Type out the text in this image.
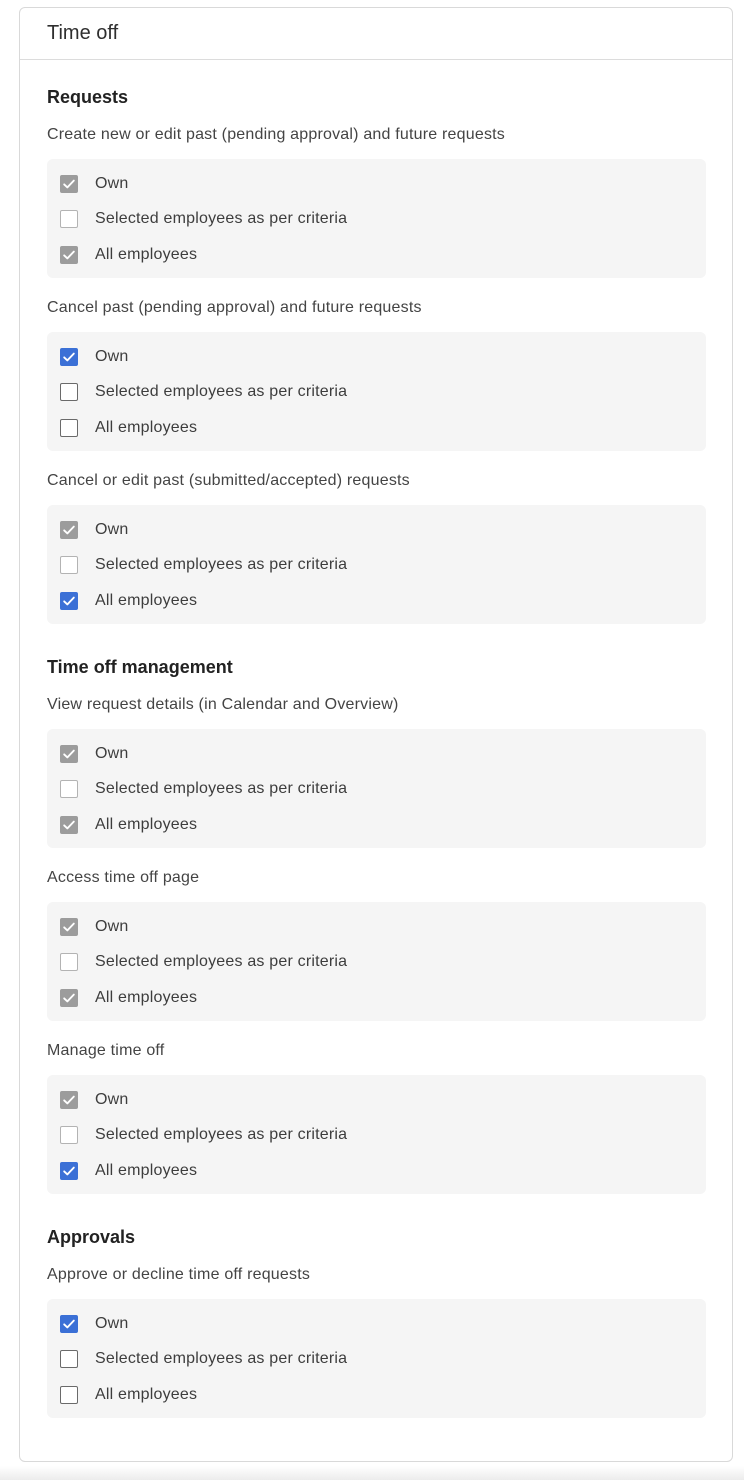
Time off
Requests
Create new or edit past (pending approval) and future requests
Own
Selected employees as per criteria
All employees
Cancel past (pending approval) and future requests
Own
Selected employees as per criteria
All employees
Cancel or edit past (submitted/accepted) requests
Own
Selected employees as per criteria
All employees
Time off management
View request details (in Calendar and Overview)
Own
Selected employees as per criteria
All employees
Access time off page
Own
Selected employees as per criteria
All employees
Manage time off
Own
Selected employees as per criteria
All employees
Approvals
Approve or decline time off requests
Own
Selected employees as per criteria
All employees
